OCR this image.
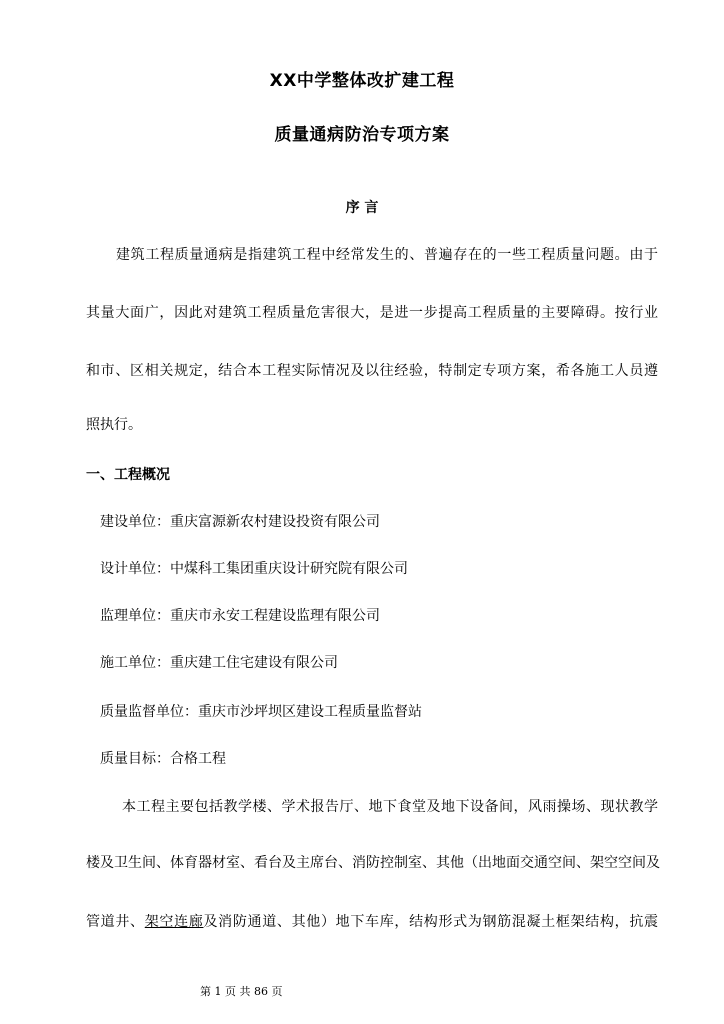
XX中学整体改扩建工程
质量通病防治专项方案
序 言
建筑工程质量通病是指建筑工程中经常发生的、普遍存在的一些工程质量问题。由于
其量大面广，因此对建筑工程质量危害很大，是进一步提高工程质量的主要障碍。按行业
和市、区相关规定，结合本工程实际情况及以往经验，特制定专项方案，希各施工人员遵
照执行。
一、工程概况
建设单位：重庆富源新农村建设投资有限公司
设计单位：中煤科工集团重庆设计研究院有限公司
监理单位：重庆市永安工程建设监理有限公司
施工单位：重庆建工住宅建设有限公司
质量监督单位：重庆市沙坪坝区建设工程质量监督站
质量目标：合格工程
本工程主要包括教学楼、学术报告厅、地下食堂及地下设备间，风雨操场、现状教学
楼及卫生间、体育器材室、看台及主席台、消防控制室、其他（出地面交通空间、架空空间及
管道井、架空连廊及消防通道、其他）地下车库，结构形式为钢筋混凝土框架结构，抗震
第 1 页 共 86 页
